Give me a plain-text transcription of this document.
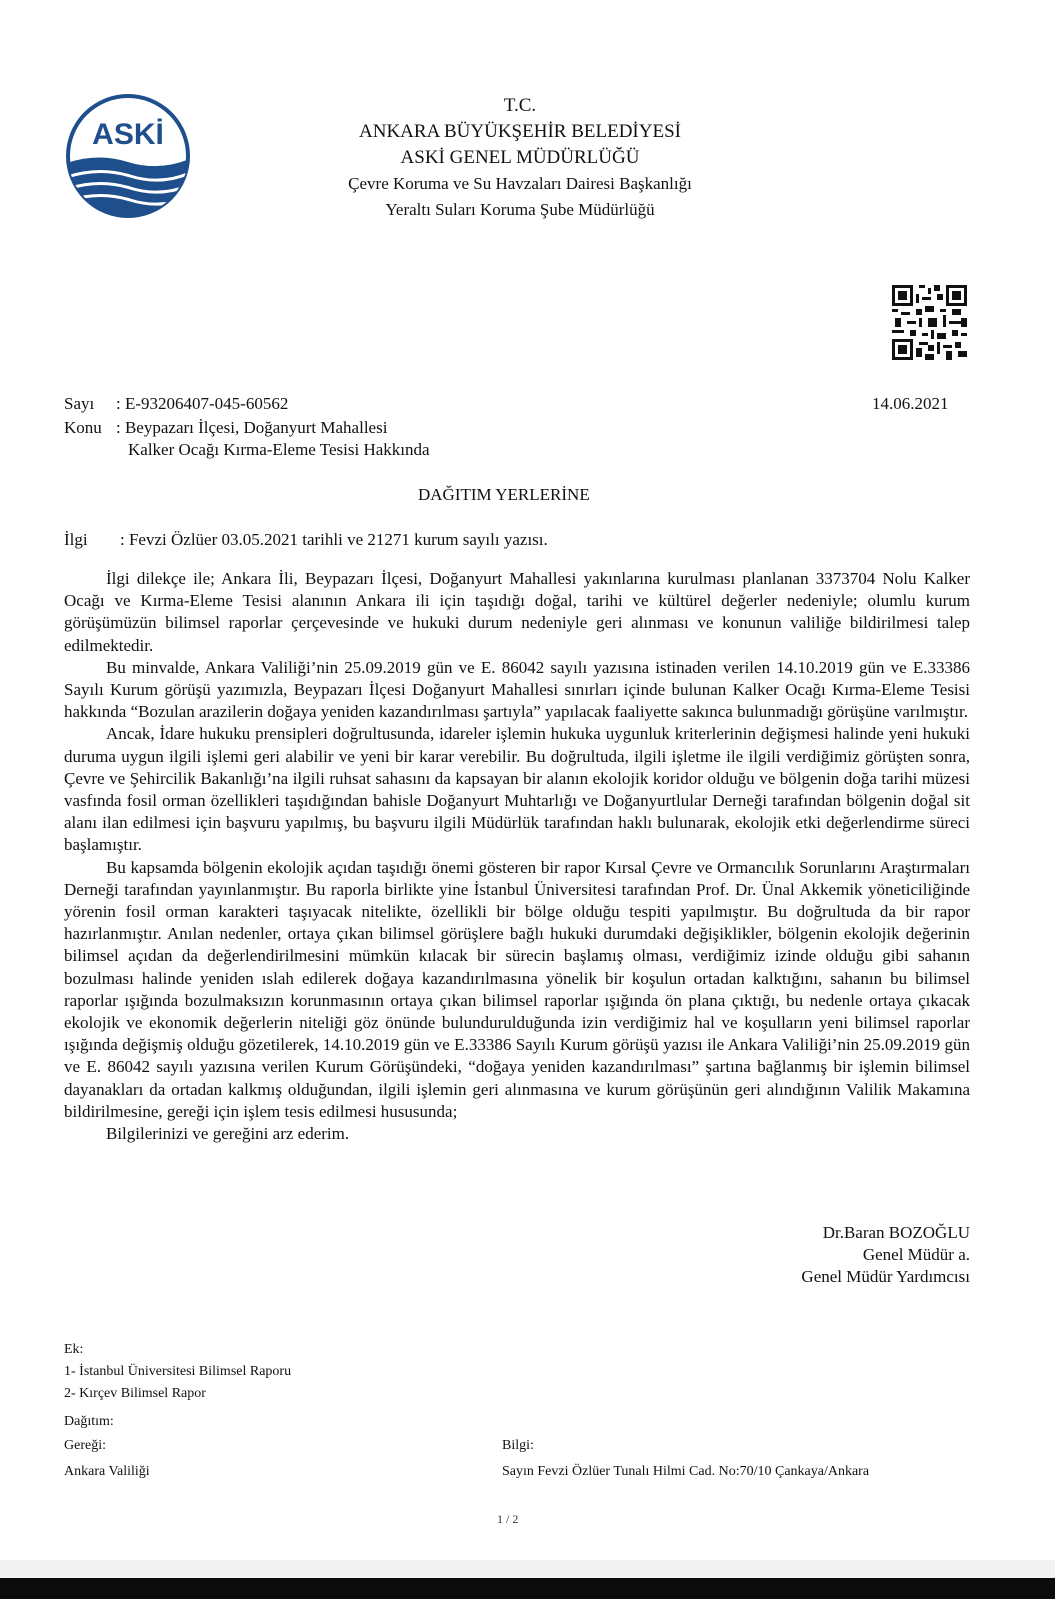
ASKİ
T.C.
ANKARA BÜYÜKŞEHİR BELEDİYESİ
ASKİ GENEL MÜDÜRLÜĞÜ
Çevre Koruma ve Su Havzaları Dairesi Başkanlığı
Yeraltı Suları Koruma Şube Müdürlüğü
Sayı : E-93206407-045-60562	14.06.2021
Konu : Beypazarı İlçesi, Doğanyurt Mahallesi
Kalker Ocağı Kırma-Eleme Tesisi Hakkında
DAĞITIM YERLERİNE
İlgi : Fevzi Özlüer 03.05.2021 tarihli ve 21271 kurum sayılı yazısı.

İlgi dilekçe ile; Ankara İli, Beypazarı İlçesi, Doğanyurt Mahallesi yakınlarına kurulması planlanan 3373704 Nolu Kalker Ocağı ve Kırma-Eleme Tesisi alanının Ankara ili için taşıdığı doğal, tarihi ve kültürel değerler nedeniyle; olumlu kurum görüşümüzün bilimsel raporlar çerçevesinde ve hukuki durum nedeniyle geri alınması ve konunun valiliğe bildirilmesi talep edilmektedir.

Bu minvalde, Ankara Valiliği’nin 25.09.2019 gün ve E. 86042 sayılı yazısına istinaden verilen 14.10.2019 gün ve E.33386 Sayılı Kurum görüşü yazımızla, Beypazarı İlçesi Doğanyurt Mahallesi sınırları içinde bulunan Kalker Ocağı Kırma-Eleme Tesisi hakkında “Bozulan arazilerin doğaya yeniden kazandırılması şartıyla” yapılacak faaliyette sakınca bulunmadığı görüşüne varılmıştır.

Ancak, İdare hukuku prensipleri doğrultusunda, idareler işlemin hukuka uygunluk kriterlerinin değişmesi halinde yeni hukuki duruma uygun ilgili işlemi geri alabilir ve yeni bir karar verebilir. Bu doğrultuda, ilgili işletme ile ilgili verdiğimiz görüşten sonra, Çevre ve Şehircilik Bakanlığı’na ilgili ruhsat sahasını da kapsayan bir alanın ekolojik koridor olduğu ve bölgenin doğa tarihi müzesi vasfında fosil orman özellikleri taşıdığından bahisle Doğanyurt Muhtarlığı ve Doğanyurtlular Derneği tarafından bölgenin doğal sit alanı ilan edilmesi için başvuru yapılmış, bu başvuru ilgili Müdürlük tarafından haklı bulunarak, ekolojik etki değerlendirme süreci başlamıştır.

Bu kapsamda bölgenin ekolojik açıdan taşıdığı önemi gösteren bir rapor Kırsal Çevre ve Ormancılık Sorunlarını Araştırmaları Derneği tarafından yayınlanmıştır. Bu raporla birlikte yine İstanbul Üniversitesi tarafından Prof. Dr. Ünal Akkemik yöneticiliğinde yörenin fosil orman karakteri taşıyacak nitelikte, özellikli bir bölge olduğu tespiti yapılmıştır. Bu doğrultuda da bir rapor hazırlanmıştır. Anılan nedenler, ortaya çıkan bilimsel görüşlere bağlı hukuki durumdaki değişiklikler, bölgenin ekolojik değerinin bilimsel açıdan da değerlendirilmesini mümkün kılacak bir sürecin başlamış olması, verdiğimiz izinde olduğu gibi sahanın bozulması halinde yeniden ıslah edilerek doğaya kazandırılmasına yönelik bir koşulun ortadan kalktığını, sahanın bu bilimsel raporlar ışığında bozulmaksızın korunmasının ortaya çıkan bilimsel raporlar ışığında ön plana çıktığı, bu nedenle ortaya çıkacak ekolojik ve ekonomik değerlerin niteliği göz önünde bulundurulduğunda izin verdiğimiz hal ve koşulların yeni bilimsel raporlar ışığında değişmiş olduğu gözetilerek, 14.10.2019 gün ve E.33386 Sayılı Kurum görüşü yazısı ile Ankara Valiliği’nin 25.09.2019 gün ve E. 86042 sayılı yazısına verilen Kurum Görüşündeki, “doğaya yeniden kazandırılması” şartına bağlanmış bir işlemin bilimsel dayanakları da ortadan kalkmış olduğundan, ilgili işlemin geri alınmasına ve kurum görüşünün geri alındığının Valilik Makamına bildirilmesine, gereği için işlem tesis edilmesi hususunda;

Bilgilerinizi ve gereğini arz ederim.

Dr.Baran BOZOĞLU
Genel Müdür a.
Genel Müdür Yardımcısı
Ek:
1- İstanbul Üniversitesi Bilimsel Raporu
2- Kırçev Bilimsel Rapor
Dağıtım:
Gereği:
Ankara Valiliği
Bilgi:
Sayın Fevzi Özlüer Tunalı Hilmi Cad. No:70/10 Çankaya/Ankara
1 / 2
